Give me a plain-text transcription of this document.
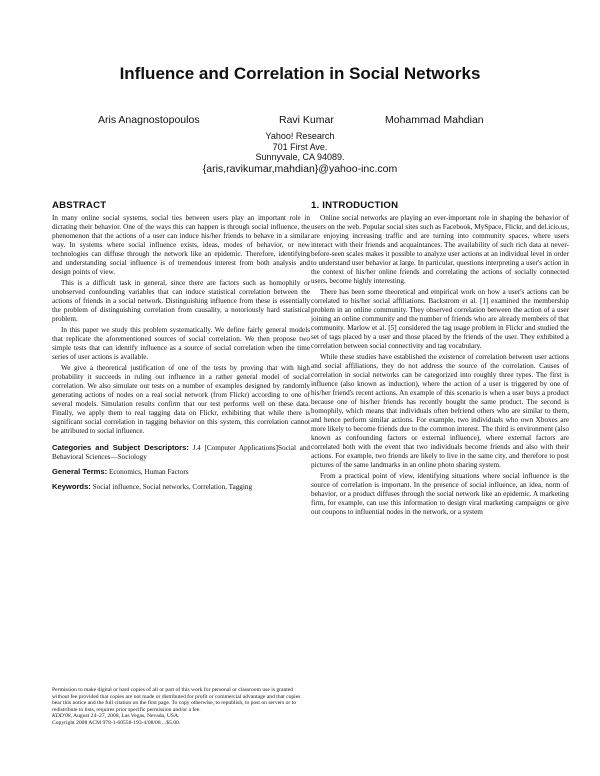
Influence and Correlation in Social Networks
Aris Anagnostopoulos	Ravi Kumar	Mohammad Mahdian
Yahoo! Research
701 First Ave.
Sunnyvale, CA 94089.
{aris,ravikumar,mahdian}@yahoo-inc.com
ABSTRACT

In many online social systems, social ties between users play an important role in dictating their behavior. One of the ways this can happen is through social influence, the phenomenon that the actions of a user can induce his/her friends to behave in a similar way. In systems where social influence exists, ideas, modes of behavior, or new technologies can diffuse through the network like an epidemic. Therefore, identifying and understanding social influence is of tremendous interest from both analysis and design points of view.

This is a difficult task in general, since there are factors such as homophily or unobserved confounding variables that can induce statistical correlation between the actions of friends in a social network. Distinguishing influence from these is essentially the problem of distinguishing correlation from causality, a notoriously hard statistical problem.

In this paper we study this problem systematically. We define fairly general models that replicate the aforementioned sources of social correlation. We then propose two simple tests that can identify influence as a source of social correlation when the time series of user actions is available.

We give a theoretical justification of one of the tests by proving that with high probability it succeeds in ruling out influence in a rather general model of social correlation. We also simulate our tests on a number of examples designed by randomly generating actions of nodes on a real social network (from Flickr) according to one of several models. Simulation results confirm that our test performs well on these data. Finally, we apply them to real tagging data on Flickr, exhibiting that while there is significant social correlation in tagging behavior on this system, this correlation cannot be attributed to social influence.

Categories and Subject Descriptors: J.4 [Computer Applications]Social and Behavioral Sciences—Sociology
General Terms: Economics, Human Factors
Keywords: Social influence, Social networks, Correlation, Tagging
Permission to make digital or hard copies of all or part of this work for personal or classroom use is granted without fee provided that copies are not made or distributed for profit or commercial advantage and that copies bear this notice and the full citation on the first page. To copy otherwise, to republish, to post on servers or to redistribute to lists, requires prior specific permission and/or a fee.
KDD'08, August 24–27, 2008, Las Vegas, Nevada, USA.
Copyright 2008 ACM 978-1-60558-193-4/08/08 ...$5.00.
1. INTRODUCTION

Online social networks are playing an ever-important role in shaping the behavior of users on the web. Popular social sites such as Facebook, MySpace, Flickr, and del.icio.us, are enjoying increasing traffic and are turning into community spaces, where users interact with their friends and acquaintances. The availability of such rich data at never-before-seen scales makes it possible to analyze user actions at an individual level in order to understand user behavior at large. In particular, questions interpreting a user's action in the context of his/her online friends and correlating the actions of socially connected users, become highly interesting.

There has been some theoretical and empirical work on how a user's actions can be correlated to his/her social affiliations. Backstrom et al. [1] examined the membership problem in an online community. They observed correlation between the action of a user joining an online community and the number of friends who are already members of that community. Marlow et al. [5] considered the tag usage problem in Flickr and studied the set of tags placed by a user and those placed by the friends of the user. They exhibited a correlation between social connectivity and tag vocabulary.

While these studies have established the existence of correlation between user actions and social affiliations, they do not address the source of the correlation. Causes of correlation in social networks can be categorized into roughly three types. The first is influence (also known as induction), where the action of a user is triggered by one of his/her friend's recent actions. An example of this scenario is when a user buys a product because one of his/her friends has recently bought the same product. The second is homophily, which means that individuals often befriend others who are similar to them, and hence perform similar actions. For example, two individuals who own Xboxes are more likely to become friends due to the common interest. The third is environment (also known as confounding factors or external influence), where external factors are correlated both with the event that two individuals become friends and also with their actions. For example, two friends are likely to live in the same city, and therefore to post pictures of the same landmarks in an online photo sharing system.

From a practical point of view, identifying situations where social influence is the source of correlation is important. In the presence of social influence, an idea, norm of behavior, or a product diffuses through the social network like an epidemic. A marketing firm, for example, can use this information to design viral marketing campaigns or give out coupons to influential nodes in the network, or a system
